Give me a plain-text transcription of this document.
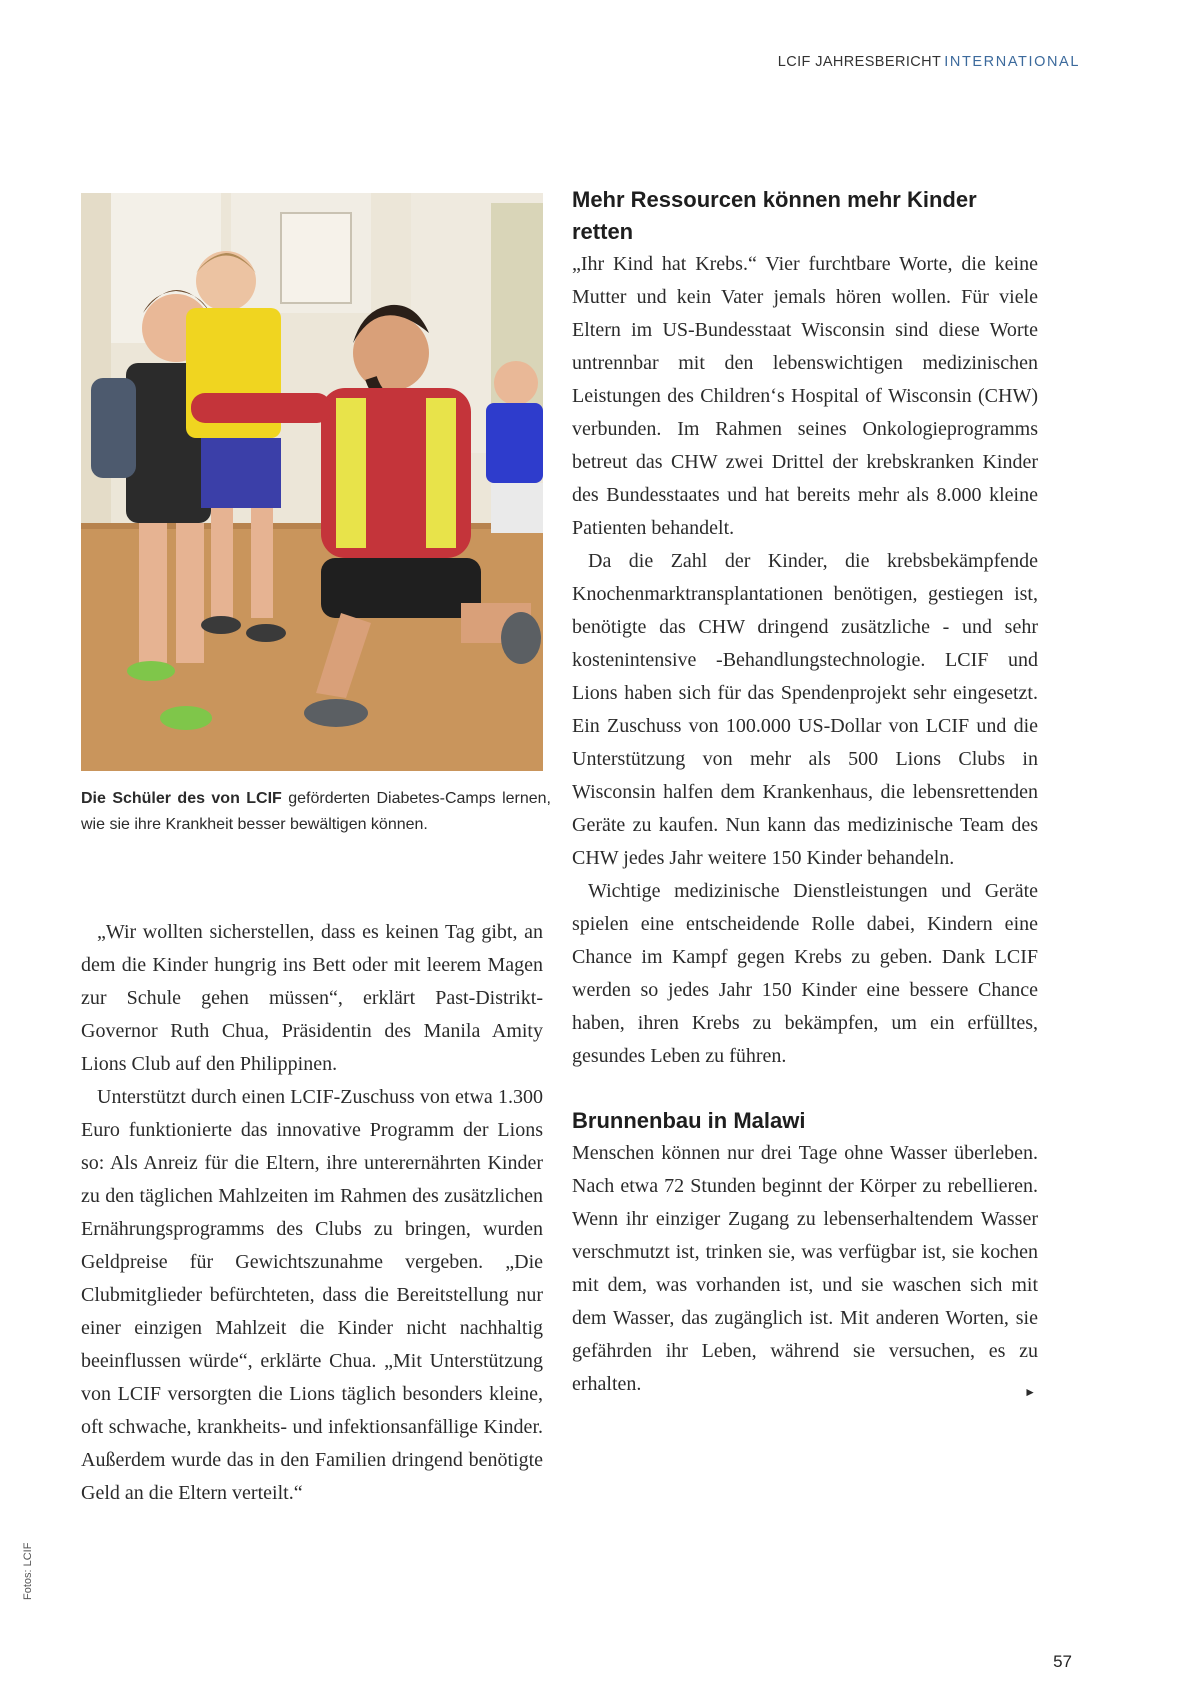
LCIF JAHRESBERICHT INTERNATIONAL
Die Schüler des von LCIF geförderten Diabetes-Camps lernen, wie sie ihre Krankheit besser bewältigen können.

„Wir wollten sicherstellen, dass es keinen Tag gibt, an dem die Kinder hungrig ins Bett oder mit leerem Magen zur Schule gehen müssen“, erklärt Past-Distrikt-Governor Ruth Chua, Präsidentin des Manila Amity Lions Club auf den Philippinen.

Unterstützt durch einen LCIF-Zuschuss von etwa 1.300 Euro funktionierte das innovative Programm der Lions so: Als Anreiz für die Eltern, ihre unterernährten Kinder zu den täglichen Mahlzeiten im Rahmen des zusätzlichen Ernährungsprogramms des Clubs zu bringen, wurden Geldpreise für Gewichtszunahme vergeben. „Die Clubmitglieder befürchteten, dass die Bereitstellung nur einer einzigen Mahlzeit die Kinder nicht nachhaltig beeinflussen würde“, erklärte Chua. „Mit Unterstützung von LCIF versorgten die Lions täglich besonders kleine, oft schwache, krankheits- und infektionsanfällige Kinder. Außerdem wurde das in den Familien dringend benötigte Geld an die Eltern verteilt.“

Mehr Ressourcen können mehr Kinder retten

„Ihr Kind hat Krebs.“ Vier furchtbare Worte, die keine Mutter und kein Vater jemals hören wollen. Für viele Eltern im US-Bundesstaat Wisconsin sind diese Worte untrennbar mit den lebenswichtigen medizinischen Leistungen des Children‘s Hospital of Wisconsin (CHW) verbunden. Im Rahmen seines Onkologieprogramms betreut das CHW zwei Drittel der krebskranken Kinder des Bundesstaates und hat bereits mehr als 8.000 kleine Patienten behandelt.

Da die Zahl der Kinder, die krebsbekämpfende Knochenmarktransplantationen benötigen, gestiegen ist, benötigte das CHW dringend zusätzliche - und sehr kostenintensive -Behandlungstechnologie. LCIF und Lions haben sich für das Spendenprojekt sehr eingesetzt. Ein Zuschuss von 100.000 US-Dollar von LCIF und die Unterstützung von mehr als 500 Lions Clubs in Wisconsin halfen dem Krankenhaus, die lebensrettenden Geräte zu kaufen. Nun kann das medizinische Team des CHW jedes Jahr weitere 150 Kinder behandeln.

Wichtige medizinische Dienstleistungen und Geräte spielen eine entscheidende Rolle dabei, Kindern eine Chance im Kampf gegen Krebs zu geben. Dank LCIF werden so jedes Jahr 150 Kinder eine bessere Chance haben, ihren Krebs zu bekämpfen, um ein erfülltes, gesundes Leben zu führen.

Brunnenbau in Malawi

Menschen können nur drei Tage ohne Wasser überleben. Nach etwa 72 Stunden beginnt der Körper zu rebellieren. Wenn ihr einziger Zugang zu lebenserhaltendem Wasser verschmutzt ist, trinken sie, was verfügbar ist, sie kochen mit dem, was vorhanden ist, und sie waschen sich mit dem Wasser, das zugänglich ist. Mit anderen Worten, sie gefährden ihr Leben, während sie versuchen, es zu erhalten.	►
Fotos: LCIF
57
